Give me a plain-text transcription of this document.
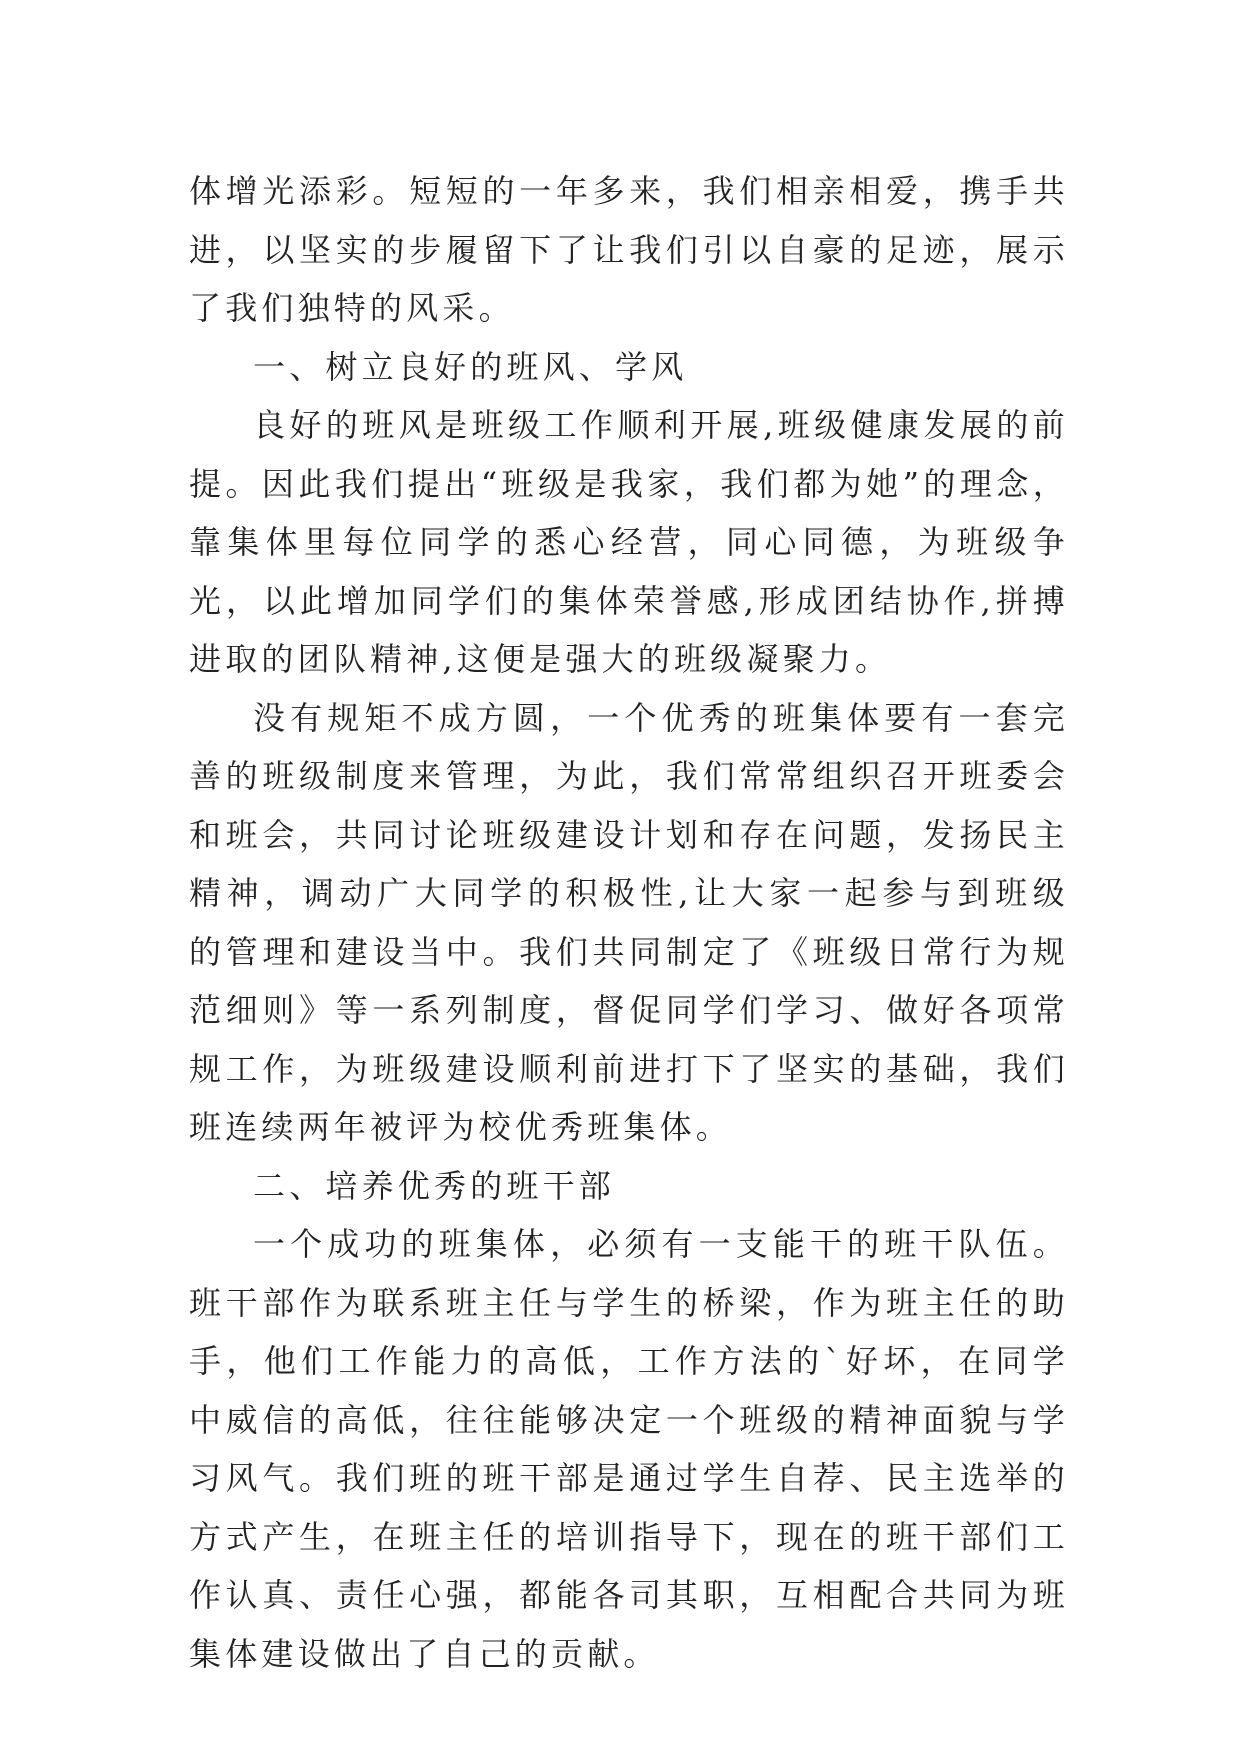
体增光添彩。短短的一年多来，我们相亲相爱，携手共进，以坚实的步履留下了让我们引以自豪的足迹，展示了我们独特的风采。

一、树立良好的班风、学风

良好的班风是班级工作顺利开展,班级健康发展的前提。因此我们提出“班级是我家，我们都为她”的理念，靠集体里每位同学的悉心经营，同心同德，为班级争光，以此增加同学们的集体荣誉感,形成团结协作,拼搏进取的团队精神,这便是强大的班级凝聚力。

没有规矩不成方圆，一个优秀的班集体要有一套完善的班级制度来管理，为此，我们常常组织召开班委会和班会，共同讨论班级建设计划和存在问题，发扬民主精神，调动广大同学的积极性,让大家一起参与到班级的管理和建设当中。我们共同制定了《班级日常行为规范细则》等一系列制度，督促同学们学习、做好各项常规工作，为班级建设顺利前进打下了坚实的基础，我们班连续两年被评为校优秀班集体。

二、培养优秀的班干部

一个成功的班集体，必须有一支能干的班干队伍。班干部作为联系班主任与学生的桥梁，作为班主任的助手，他们工作能力的高低，工作方法的`好坏，在同学中威信的高低，往往能够决定一个班级的精神面貌与学习风气。我们班的班干部是通过学生自荐、民主选举的方式产生，在班主任的培训指导下，现在的班干部们工作认真、责任心强，都能各司其职，互相配合共同为班集体建设做出了自己的贡献。
